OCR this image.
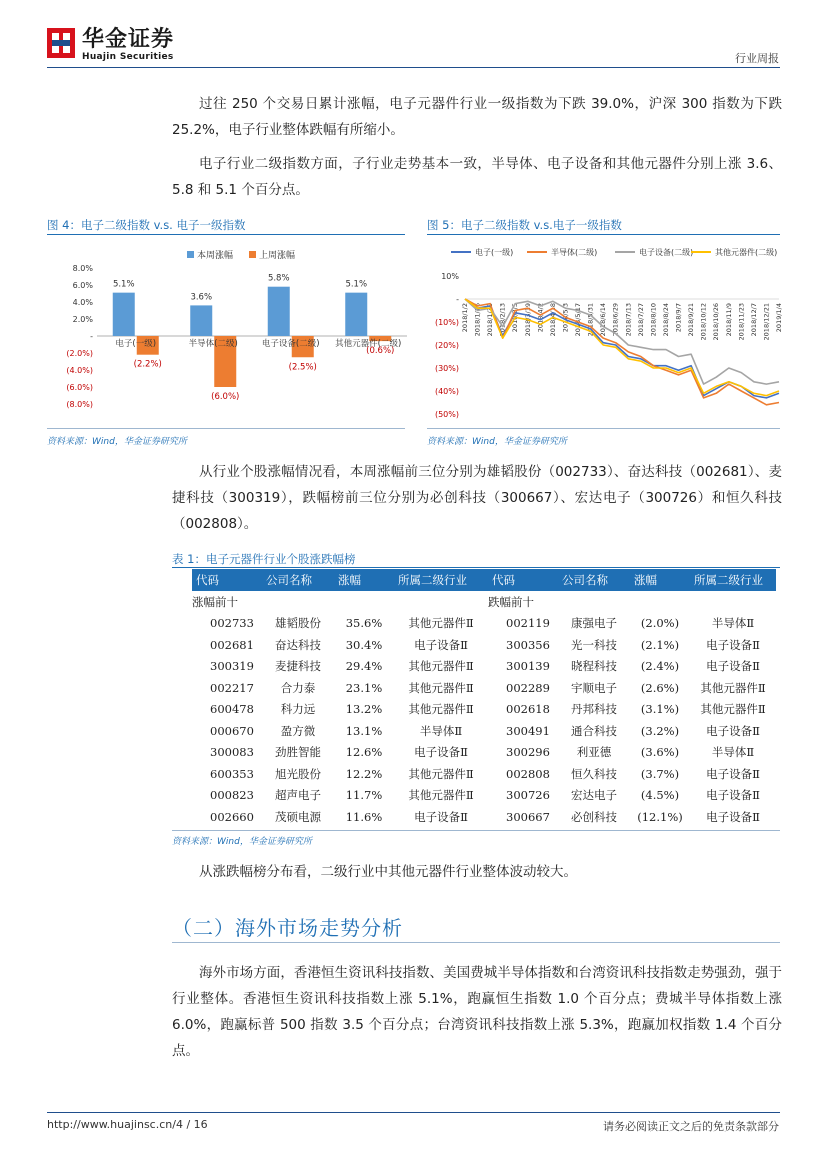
华金证券
Huajin Securities	行业周报

过往 250 个交易日累计涨幅，电子元器件行业一级指数为下跌 39.0%，沪深 300 指数为下跌 25.2%，电子行业整体跌幅有所缩小。

电子行业二级指数方面，子行业走势基本一致，半导体、电子设备和其他元器件分别上涨 3.6、5.8 和 5.1 个百分点。

图 4：电子二级指数 v.s. 电子一级指数
本周涨幅	上周涨幅
8.0%
6.0%
4.0%
2.0%
-
(2.0%)
(4.0%)
(6.0%)
(8.0%)
5.1%
(2.2%)
电子(一级)
3.6%
(6.0%)
半导体(二级)
5.8%
(2.5%)
电子设备(二级)
5.1%
(0.6%)
其他元器件(二级)
资料来源：Wind，华金证券研究所
图 5：电子二级指数 v.s.电子一级指数
电子(一级)	半导体(二级)	电子设备(二级)	其他元器件(二级)
10%
-
(10%)
(20%)
(30%)
(40%)
(50%)
2018/1/2 2018/1/16 2018/1/30 2018/2/13 2018/3/5 2018/3/19 2018/4/2 2018/4/18 2018/5/3 2018/5/17 2018/5/31 2018/6/14 2018/6/29 2018/7/13 2018/7/27 2018/8/10 2018/8/24 2018/9/7 2018/9/21 2018/10/12 2018/10/26 2018/11/9 2018/11/23 2018/12/7 2018/12/21 2019/1/4
资料来源：Wind，华金证券研究所

从行业个股涨幅情况看，本周涨幅前三位分别为雄韬股份（002733）、奋达科技（002681）、麦捷科技（300319），跌幅榜前三位分别为必创科技（300667）、宏达电子（300726）和恒久科技（002808）。

表 1：电子元器件行业个股涨跌幅榜
代码	公司名称	涨幅	所属二级行业	代码	公司名称	涨幅	所属二级行业
涨幅前十				跌幅前十			
002733	雄韬股份	35.6%	其他元器件Ⅱ	002119	康强电子	(2.0%)	半导体Ⅱ
002681	奋达科技	30.4%	电子设备Ⅱ	300356	光一科技	(2.1%)	电子设备Ⅱ
300319	麦捷科技	29.4%	其他元器件Ⅱ	300139	晓程科技	(2.4%)	电子设备Ⅱ
002217	合力泰	23.1%	其他元器件Ⅱ	002289	宇顺电子	(2.6%)	其他元器件Ⅱ
600478	科力远	13.2%	其他元器件Ⅱ	002618	丹邦科技	(3.1%)	其他元器件Ⅱ
000670	盈方微	13.1%	半导体Ⅱ	300491	通合科技	(3.2%)	电子设备Ⅱ
300083	劲胜智能	12.6%	电子设备Ⅱ	300296	利亚德	(3.6%)	半导体Ⅱ
600353	旭光股份	12.2%	其他元器件Ⅱ	002808	恒久科技	(3.7%)	电子设备Ⅱ
000823	超声电子	11.7%	其他元器件Ⅱ	300726	宏达电子	(4.5%)	电子设备Ⅱ
002660	茂硕电源	11.6%	电子设备Ⅱ	300667	必创科技	(12.1%)	电子设备Ⅱ
资料来源：Wind，华金证券研究所

从涨跌幅榜分布看，二级行业中其他元器件行业整体波动较大。

（二）海外市场走势分析

海外市场方面，香港恒生资讯科技指数、美国费城半导体指数和台湾资讯科技指数走势强劲，强于行业整体。香港恒生资讯科技指数上涨 5.1%，跑赢恒生指数 1.0 个百分点；费城半导体指数上涨 6.0%，跑赢标普 500 指数 3.5 个百分点；台湾资讯科技指数上涨 5.3%，跑赢加权指数 1.4 个百分点。

http://www.huajinsc.cn/4 / 16	请务必阅读正文之后的免责条款部分
